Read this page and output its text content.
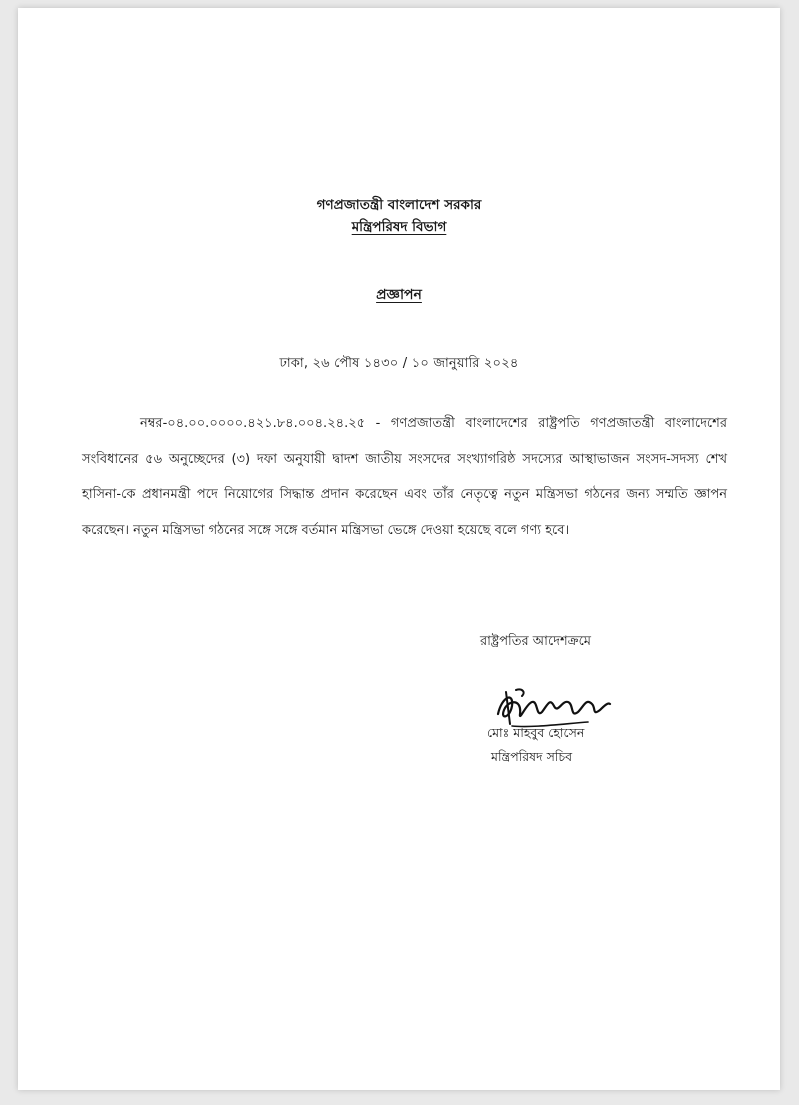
গণপ্রজাতন্ত্রী বাংলাদেশ সরকার
মন্ত্রিপরিষদ বিভাগ
প্রজ্ঞাপন
ঢাকা, ২৬ পৌষ ১৪৩০ / ১০ জানুয়ারি ২০২৪

নম্বর-০৪.০০.০০০০.৪২১.৮৪.০০৪.২৪.২৫ - গণপ্রজাতন্ত্রী বাংলাদেশের রাষ্ট্রপতি গণপ্রজাতন্ত্রী বাংলাদেশের সংবিধানের ৫৬ অনুচ্ছেদের (৩) দফা অনুযায়ী দ্বাদশ জাতীয় সংসদের সংখ্যাগরিষ্ঠ সদস্যের আস্থাভাজন সংসদ-সদস্য শেখ হাসিনা-কে প্রধানমন্ত্রী পদে নিয়োগের সিদ্ধান্ত প্রদান করেছেন এবং তাঁর নেতৃত্বে নতুন মন্ত্রিসভা গঠনের জন্য সম্মতি জ্ঞাপন করেছেন। নতুন মন্ত্রিসভা গঠনের সঙ্গে সঙ্গে বর্তমান মন্ত্রিসভা ভেঙ্গে দেওয়া হয়েছে বলে গণ্য হবে।

রাষ্ট্রপতির আদেশক্রমে
মোঃ মাহবুব হোসেন
মন্ত্রিপরিষদ সচিব
